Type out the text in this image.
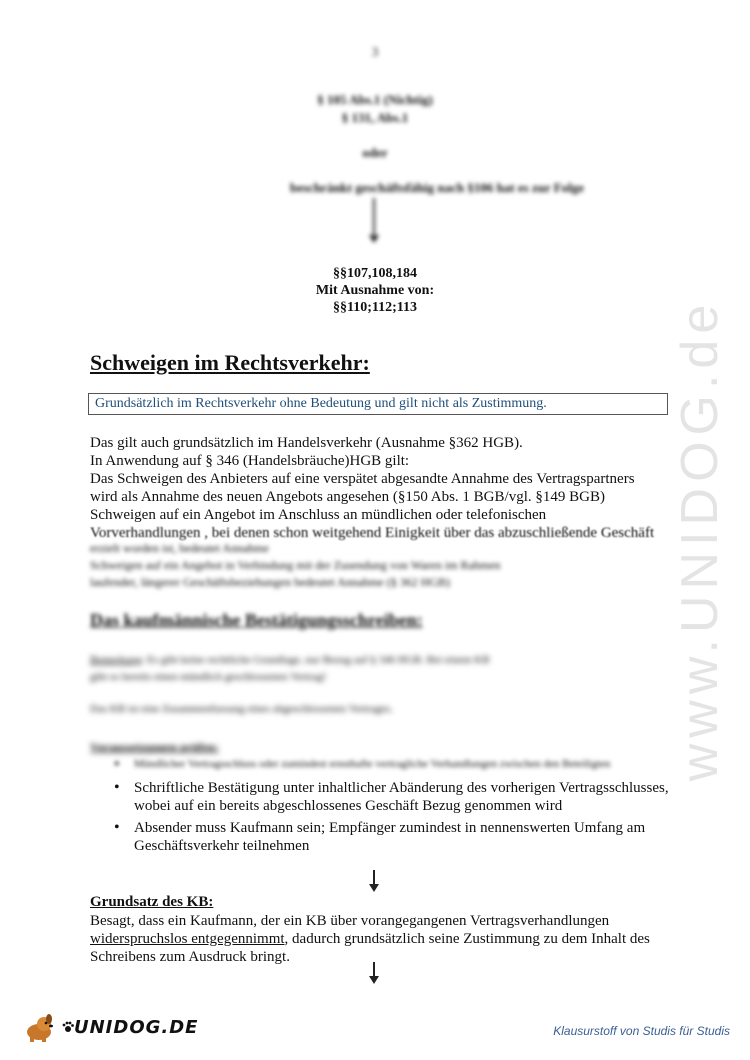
3
§ 105 Abs.1 (Nichtig)
§ 131, Abs.1
oder
beschränkt geschäftsfähig nach §106 hat es zur Folge
§§107,108,184
Mit Ausnahme von:
§§110;112;113
Schweigen im Rechtsverkehr:
Grundsätzlich im Rechtsverkehr ohne Bedeutung und gilt nicht als Zustimmung.
Das gilt auch grundsätzlich im Handelsverkehr (Ausnahme §362 HGB).
In Anwendung auf § 346 (Handelsbräuche)HGB gilt:
Das Schweigen des Anbieters auf eine verspätet abgesandte Annahme des Vertragspartners
wird als Annahme des neuen Angebots angesehen (§150 Abs. 1 BGB/vgl. §149 BGB)
Schweigen auf ein Angebot im Anschluss an mündlichen oder telefonischen
Vorverhandlungen , bei denen schon weitgehend Einigkeit über das abzuschließende Geschäft
erzielt worden ist, bedeutet Annahme
Schweigen auf ein Angebot in Verbindung mit der Zusendung von Waren im Rahmen
laufender, längerer Geschäftsbeziehungen bedeutet Annahme (§ 362 HGB)
Das kaufmännische Bestätigungsschreiben:
Bemerkung: Es gibt keine rechtliche Grundlage, nur Bezug auf § 346 HGB. Bei einem KB
gibt es bereits einen mündlich geschlossenen Vertrag!
Das KB ist eine Zusammenfassung eines abgeschlossenen Vertrages.
Voraussetzungen prüfen:
• Mündlicher Vertragsschluss oder zumindest ernsthafte vertragliche Verhandlungen zwischen den Beteiligten
• Schriftliche Bestätigung unter inhaltlicher Abänderung des vorherigen Vertragsschlusses, wobei auf ein bereits abgeschlossenes Geschäft Bezug genommen wird
• Absender muss Kaufmann sein; Empfänger zumindest in nennenswerten Umfang am Geschäftsverkehr teilnehmen
Grundsatz des KB:
Besagt, dass ein Kaufmann, der ein KB über vorangegangenen Vertragsverhandlungen
widerspruchslos entgegennimmt, dadurch grundsätzlich seine Zustimmung zu dem Inhalt des
Schreibens zum Ausdruck bringt.
www.UNIDOG.de
UNIDOG.DE	Klausurstoff von Studis für Studis
